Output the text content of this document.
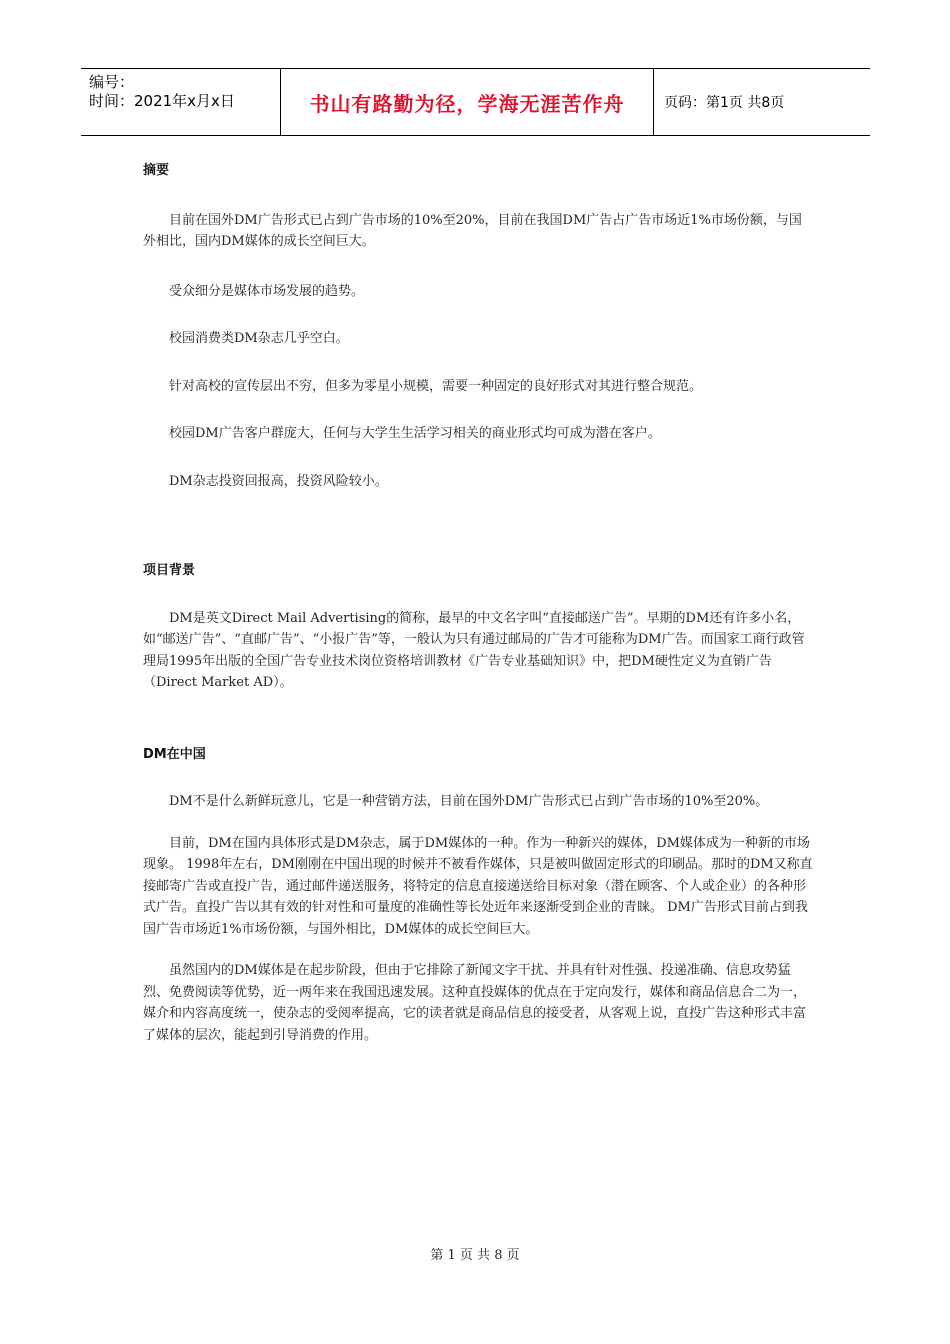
编号：
时间：2021年x月x日	书山有路勤为径，学海无涯苦作舟	页码：第1页 共8页
摘要

目前在国外DM广告形式已占到广告市场的10%至20%，目前在我国DM广告占广告市场近1%市场份额，与国外相比，国内DM媒体的成长空间巨大。

受众细分是媒体市场发展的趋势。

校园消费类DM杂志几乎空白。

针对高校的宣传层出不穷，但多为零星小规模，需要一种固定的良好形式对其进行整合规范。

校园DM广告客户群庞大，任何与大学生生活学习相关的商业形式均可成为潜在客户。

DM杂志投资回报高，投资风险较小。

项目背景

DM是英文Direct Mail Advertising的简称，最早的中文名字叫“直接邮送广告”。早期的DM还有许多小名，如“邮送广告”、“直邮广告”、“小报广告”等，一般认为只有通过邮局的广告才可能称为DM广告。而国家工商行政管理局1995年出版的全国广告专业技术岗位资格培训教材《广告专业基础知识》中，把DM硬性定义为直销广告（Direct Market AD）。

DM在中国

DM不是什么新鲜玩意儿，它是一种营销方法，目前在国外DM广告形式已占到广告市场的10%至20%。

目前，DM在国内具体形式是DM杂志，属于DM媒体的一种。作为一种新兴的媒体，DM媒体成为一种新的市场现象。 1998年左右，DM刚刚在中国出现的时候并不被看作媒体，只是被叫做固定形式的印刷品。那时的DM又称直接邮寄广告或直投广告，通过邮件递送服务，将特定的信息直接递送给目标对象（潜在顾客、个人或企业）的各种形式广告。直投广告以其有效的针对性和可量度的准确性等长处近年来逐渐受到企业的青睐。 DM广告形式目前占到我国广告市场近1%市场份额，与国外相比，DM媒体的成长空间巨大。

虽然国内的DM媒体是在起步阶段，但由于它排除了新闻文字干扰、并具有针对性强、投递准确、信息攻势猛烈、免费阅读等优势，近一两年来在我国迅速发展。这种直投媒体的优点在于定向发行，媒体和商品信息合二为一，媒介和内容高度统一，使杂志的受阅率提高，它的读者就是商品信息的接受者，从客观上说，直投广告这种形式丰富了媒体的层次，能起到引导消费的作用。

第 1 页 共 8 页
